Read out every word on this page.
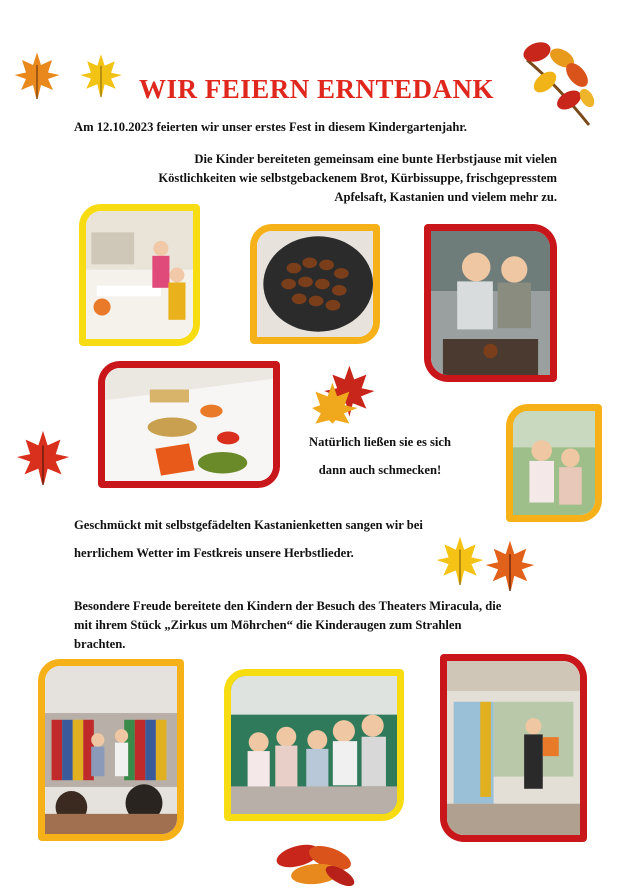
WIR FEIERN ERNTEDANK
Am 12.10.2023 feierten wir unser erstes Fest in diesem Kindergartenjahr.
Die Kinder bereiteten gemeinsam eine bunte Herbstjause mit vielen
Köstlichkeiten wie selbstgebackenem Brot, Kürbissuppe, frischgepresstem
Apfelsaft, Kastanien und vielem mehr zu.
Natürlich ließen sie es sich
dann auch schmecken!
Geschmückt mit selbstgefädelten Kastanienketten sangen wir bei
herrlichem Wetter im Festkreis unsere Herbstlieder.
Besondere Freude bereitete den Kindern der Besuch des Theaters Miracula, die
mit ihrem Stück „Zirkus um Möhrchen“ die Kinderaugen zum Strahlen
brachten.
